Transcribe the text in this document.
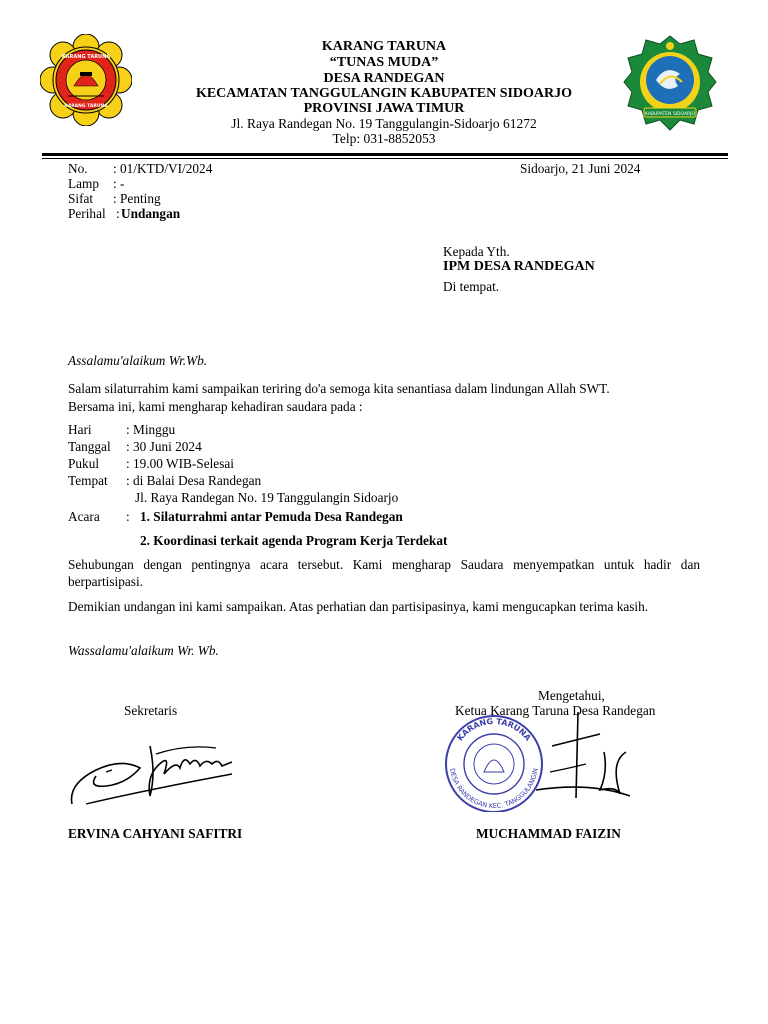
KARANG TARUNA
KARANG TARUNA
KABUPATEN SIDOARJO
KARANG TARUNA
“TUNAS MUDA”
DESA RANDEGAN
KECAMATAN TANGGULANGIN KABUPATEN SIDOARJO
PROVINSI JAWA TIMUR
Jl. Raya Randegan No. 19 Tanggulangin-Sidoarjo 61272
Telp: 031-8852053
No. : 01/KTD/VI/2024	Sidoarjo, 21 Juni 2024
Lamp : -
Sifat : Penting
Perihal : Undangan
Kepada Yth.
IPM DESA RANDEGAN
Di tempat.
Assalamu'alaikum Wr.Wb.
Salam silaturrahim kami sampaikan teriring do'a semoga kita senantiasa dalam lindungan Allah SWT.
Bersama ini, kami mengharap kehadiran saudara pada :
Hari	: Minggu
Tanggal : 30 Juni 2024
Pukul : 19.00 WIB-Selesai
Tempat : di Balai Desa Randegan
Jl. Raya Randegan No. 19 Tanggulangin Sidoarjo
Acara : 1. Silaturrahmi antar Pemuda Desa Randegan
2. Koordinasi terkait agenda Program Kerja Terdekat
Sehubungan dengan pentingnya acara tersebut. Kami mengharap Saudara menyempatkan untuk hadir dan berpartisipasi.
Demikian undangan ini kami sampaikan. Atas perhatian dan partisipasinya, kami mengucapkan terima kasih.
Wassalamu'alaikum Wr. Wb.
Mengetahui,
Sekretaris	Ketua Karang Taruna Desa Randegan
KARANG TARUNA
DESA RANDEGAN KEC. TANGGULANGIN
ERVINA CAHYANI SAFITRI	MUCHAMMAD FAIZIN
